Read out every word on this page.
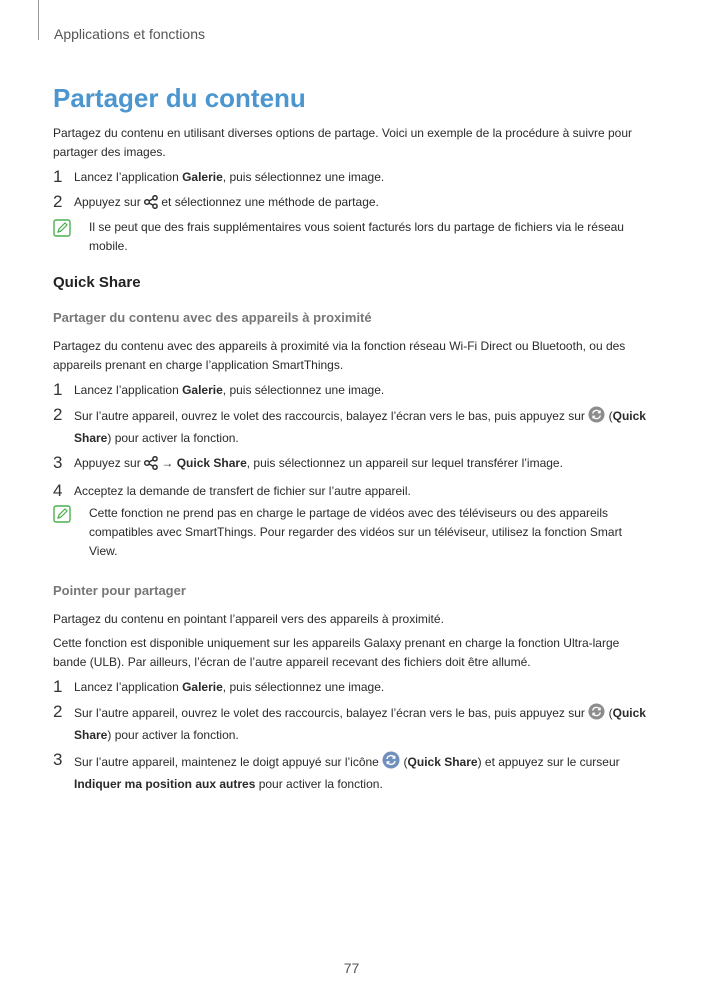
Applications et fonctions
Partager du contenu

Partagez du contenu en utilisant diverses options de partage. Voici un exemple de la procédure à suivre pour partager des images.

1 Lancez l’application Galerie, puis sélectionnez une image.
2 Appuyez sur  et sélectionnez une méthode de partage.
Il se peut que des frais supplémentaires vous soient facturés lors du partage de fichiers via le réseau mobile.
Quick Share
Partager du contenu avec des appareils à proximité

Partagez du contenu avec des appareils à proximité via la fonction réseau Wi-Fi Direct ou Bluetooth, ou des appareils prenant en charge l’application SmartThings.

1 Lancez l’application Galerie, puis sélectionnez une image.
2 Sur l’autre appareil, ouvrez le volet des raccourcis, balayez l’écran vers le bas, puis appuyez sur  (Quick Share) pour activer la fonction.
3 Appuyez sur  → Quick Share, puis sélectionnez un appareil sur lequel transférer l’image.
4 Acceptez la demande de transfert de fichier sur l’autre appareil.
Cette fonction ne prend pas en charge le partage de vidéos avec des téléviseurs ou des appareils compatibles avec SmartThings. Pour regarder des vidéos sur un téléviseur, utilisez la fonction Smart View.
Pointer pour partager

Partagez du contenu en pointant l’appareil vers des appareils à proximité.

Cette fonction est disponible uniquement sur les appareils Galaxy prenant en charge la fonction Ultra-large bande (ULB). Par ailleurs, l’écran de l’autre appareil recevant des fichiers doit être allumé.

1 Lancez l’application Galerie, puis sélectionnez une image.
2 Sur l’autre appareil, ouvrez le volet des raccourcis, balayez l’écran vers le bas, puis appuyez sur  (Quick Share) pour activer la fonction.
3 Sur l’autre appareil, maintenez le doigt appuyé sur l’icône  (Quick Share) et appuyez sur le curseur Indiquer ma position aux autres pour activer la fonction.
77
